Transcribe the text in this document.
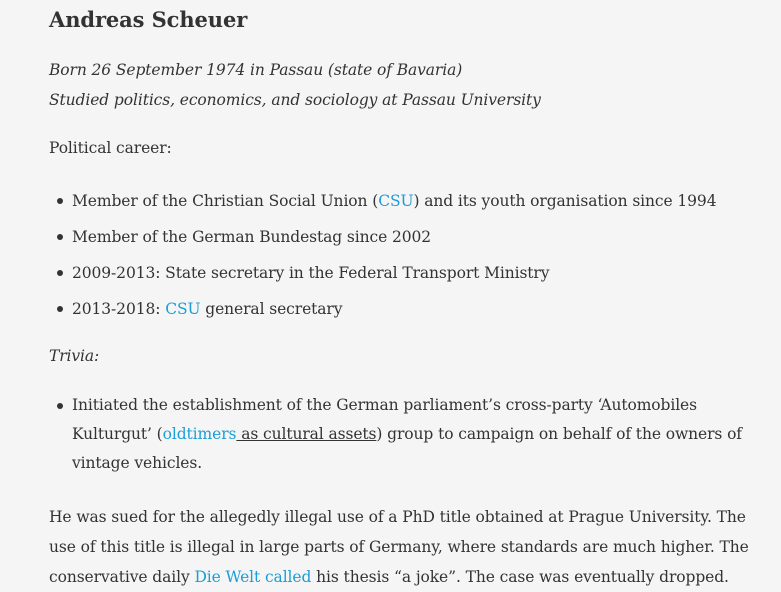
Andreas Scheuer
Born 26 September 1974 in Passau (state of Bavaria)
Studied politics, economics, and sociology at Passau University

Political career:

Member of the Christian Social Union (CSU) and its youth organisation since 1994
Member of the German Bundestag since 2002
2009-2013: State secretary in the Federal Transport Ministry
2013-2018: CSU general secretary

Trivia:

Initiated the establishment of the German parliament’s cross-party ‘Automobiles Kulturgut’ (oldtimers as cultural assets) group to campaign on behalf of the owners of vintage vehicles.

He was sued for the allegedly illegal use of a PhD title obtained at Prague University. The use of this title is illegal in large parts of Germany, where standards are much higher. The conservative daily Die Welt called his thesis “a joke”. The case was eventually dropped.
